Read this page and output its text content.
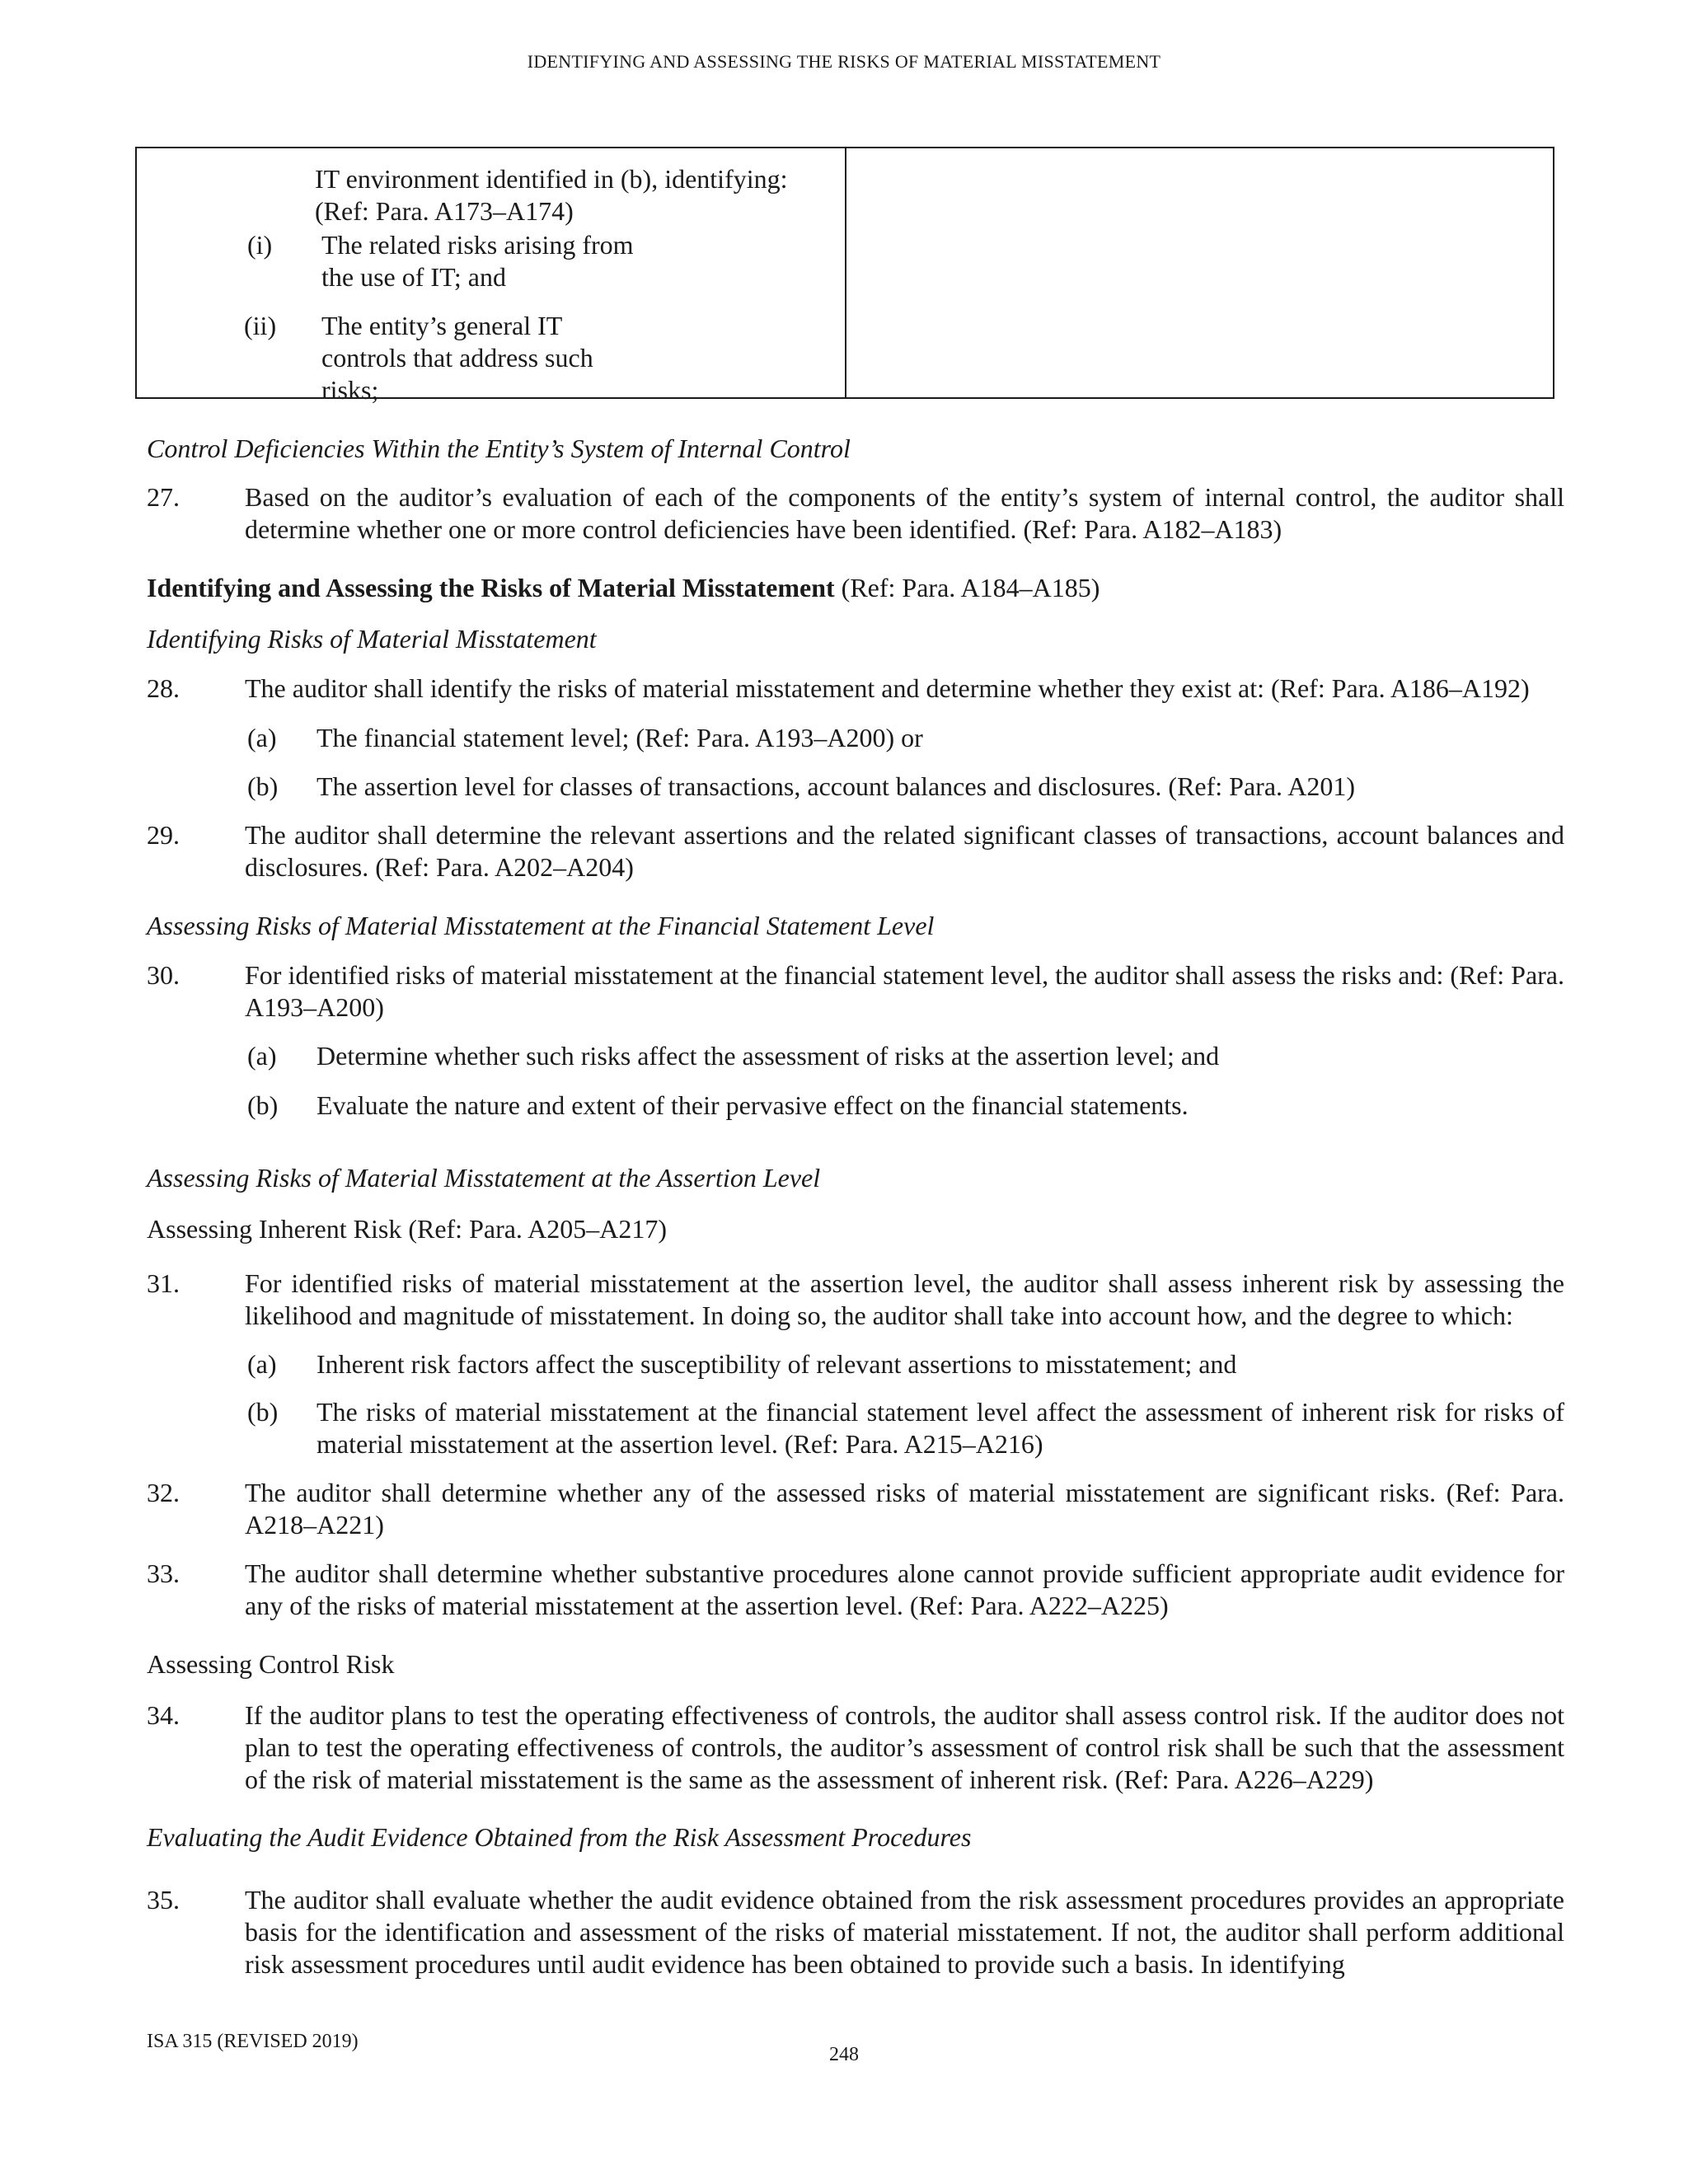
IDENTIFYING AND ASSESSING THE RISKS OF MATERIAL MISSTATEMENT
IT environment identified in (b), identifying: (Ref: Para. A173–A174)
(i) The related risks arising from the use of IT; and
(ii) The entity’s general IT controls that address such risks;
Control Deficiencies Within the Entity’s System of Internal Control
27.	Based on the auditor’s evaluation of each of the components of the entity’s system of internal control, the auditor shall determine whether one or more control deficiencies have been identified. (Ref: Para. A182–A183)
Identifying and Assessing the Risks of Material Misstatement (Ref: Para. A184–A185)
Identifying Risks of Material Misstatement
28.	The auditor shall identify the risks of material misstatement and determine whether they exist at: (Ref: Para. A186–A192)
(a) The financial statement level; (Ref: Para. A193–A200) or
(b) The assertion level for classes of transactions, account balances and disclosures. (Ref: Para. A201)
29.	The auditor shall determine the relevant assertions and the related significant classes of transactions, account balances and disclosures. (Ref: Para. A202–A204)
Assessing Risks of Material Misstatement at the Financial Statement Level
30.	For identified risks of material misstatement at the financial statement level, the auditor shall assess the risks and: (Ref: Para. A193–A200)
(a) Determine whether such risks affect the assessment of risks at the assertion level; and
(b) Evaluate the nature and extent of their pervasive effect on the financial statements.
Assessing Risks of Material Misstatement at the Assertion Level
Assessing Inherent Risk (Ref: Para. A205–A217)
31.	For identified risks of material misstatement at the assertion level, the auditor shall assess inherent risk by assessing the likelihood and magnitude of misstatement. In doing so, the auditor shall take into account how, and the degree to which:
(a) Inherent risk factors affect the susceptibility of relevant assertions to misstatement; and
(b) The risks of material misstatement at the financial statement level affect the assessment of inherent risk for risks of material misstatement at the assertion level. (Ref: Para. A215–A216)
32.	The auditor shall determine whether any of the assessed risks of material misstatement are significant risks. (Ref: Para. A218–A221)
33.	The auditor shall determine whether substantive procedures alone cannot provide sufficient appropriate audit evidence for any of the risks of material misstatement at the assertion level. (Ref: Para. A222–A225)
Assessing Control Risk
34.	If the auditor plans to test the operating effectiveness of controls, the auditor shall assess control risk. If the auditor does not plan to test the operating effectiveness of controls, the auditor’s assessment of control risk shall be such that the assessment of the risk of material misstatement is the same as the assessment of inherent risk. (Ref: Para. A226–A229)
Evaluating the Audit Evidence Obtained from the Risk Assessment Procedures
35.	The auditor shall evaluate whether the audit evidence obtained from the risk assessment procedures provides an appropriate basis for the identification and assessment of the risks of material misstatement. If not, the auditor shall perform additional risk assessment procedures until audit evidence has been obtained to provide such a basis. In identifying
ISA 315 (REVISED 2019)
248
